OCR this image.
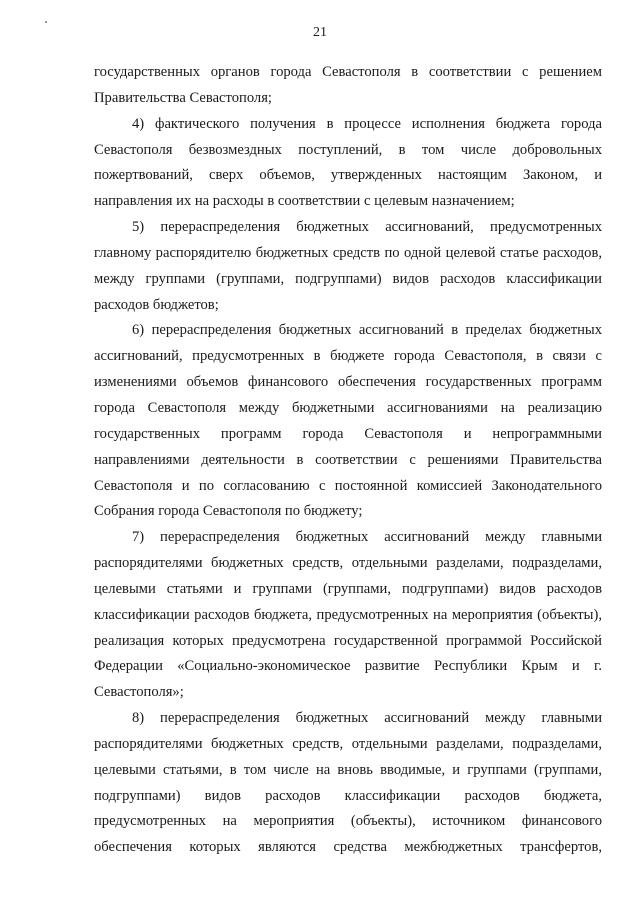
21

государственных органов города Севастополя в соответствии с решением Правительства Севастополя;

4) фактического получения в процессе исполнения бюджета города Севастополя безвозмездных поступлений, в том числе добровольных пожертвований, сверх объемов, утвержденных настоящим Законом, и направления их на расходы в соответствии с целевым назначением;

5) перераспределения бюджетных ассигнований, предусмотренных главному распорядителю бюджетных средств по одной целевой статье расходов, между группами (группами, подгруппами) видов расходов классификации расходов бюджетов;

6) перераспределения бюджетных ассигнований в пределах бюджетных ассигнований, предусмотренных в бюджете города Севастополя, в связи с изменениями объемов финансового обеспечения государственных программ города Севастополя между бюджетными ассигнованиями на реализацию государственных программ города Севастополя и непрограммными направлениями деятельности в соответствии с решениями Правительства Севастополя и по согласованию с постоянной комиссией Законодательного Собрания города Севастополя по бюджету;

7) перераспределения бюджетных ассигнований между главными распорядителями бюджетных средств, отдельными разделами, подразделами, целевыми статьями и группами (группами, подгруппами) видов расходов классификации расходов бюджета, предусмотренных на мероприятия (объекты), реализация которых предусмотрена государственной программой Российской Федерации «Социально-экономическое развитие Республики Крым и г. Севастополя»;

8) перераспределения бюджетных ассигнований между главными распорядителями бюджетных средств, отдельными разделами, подразделами, целевыми статьями, в том числе на вновь вводимые, и группами (группами, подгруппами) видов расходов классификации расходов бюджета, предусмотренных на мероприятия (объекты), источником финансового обеспечения которых являются средства межбюджетных трансфертов,
